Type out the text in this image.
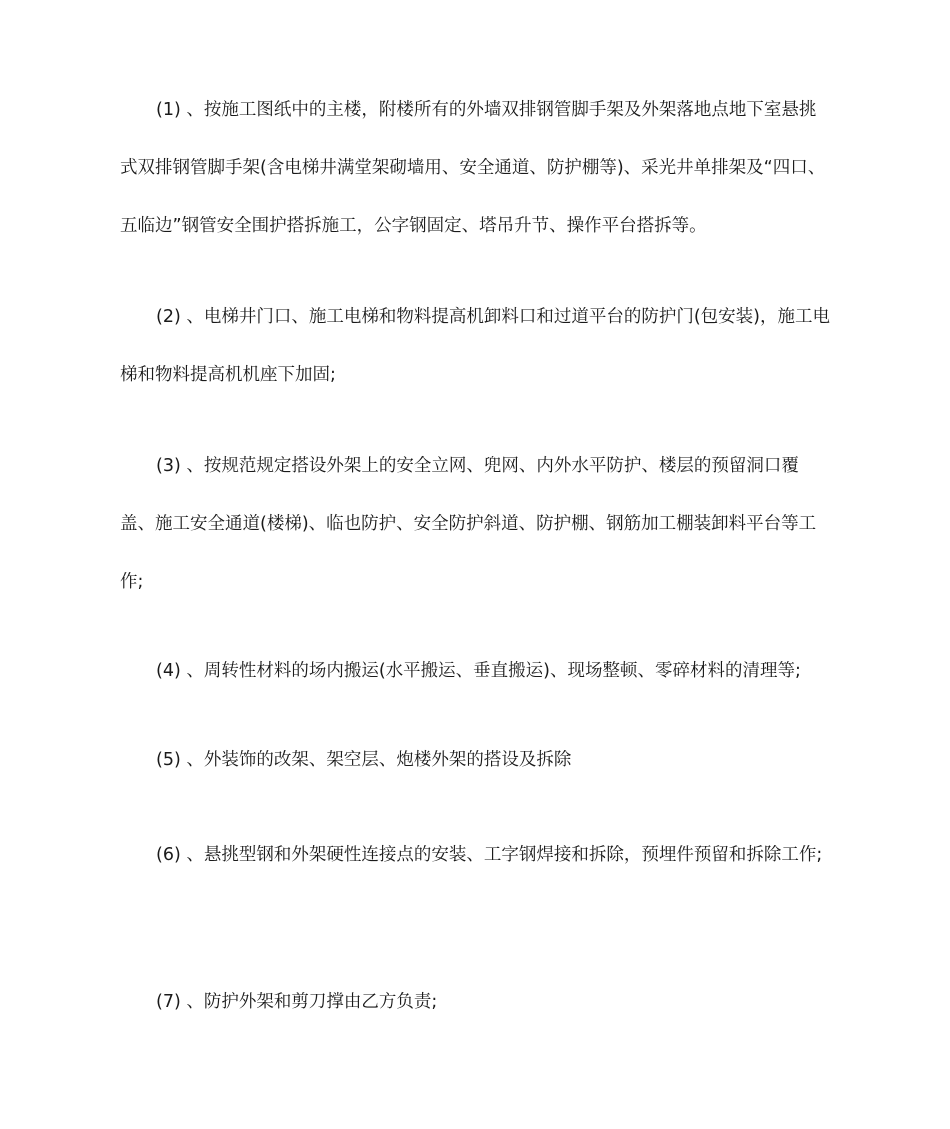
(1) 、按施工图纸中的主楼，附楼所有的外墙双排钢管脚手架及外架落地点地下室悬挑式双排钢管脚手架(含电梯井满堂架砌墙用、安全通道、防护棚等)、采光井单排架及“四口、五临边”钢管安全围护搭拆施工，公字钢固定、塔吊升节、操作平台搭拆等。

(2) 、电梯井门口、施工电梯和物料提高机卸料口和过道平台的防护门(包安装)，施工电梯和物料提高机机座下加固;

(3) 、按规范规定搭设外架上的安全立网、兜网、内外水平防护、楼层的预留洞口覆盖、施工安全通道(楼梯)、临也防护、安全防护斜道、防护棚、钢筋加工棚装卸料平台等工作;

(4) 、周转性材料的场内搬运(水平搬运、垂直搬运)、现场整顿、零碎材料的清理等;

(5) 、外装饰的改架、架空层、炮楼外架的搭设及拆除

(6) 、悬挑型钢和外架硬性连接点的安装、工字钢焊接和拆除，预埋件预留和拆除工作;

(7) 、防护外架和剪刀撑由乙方负责;
